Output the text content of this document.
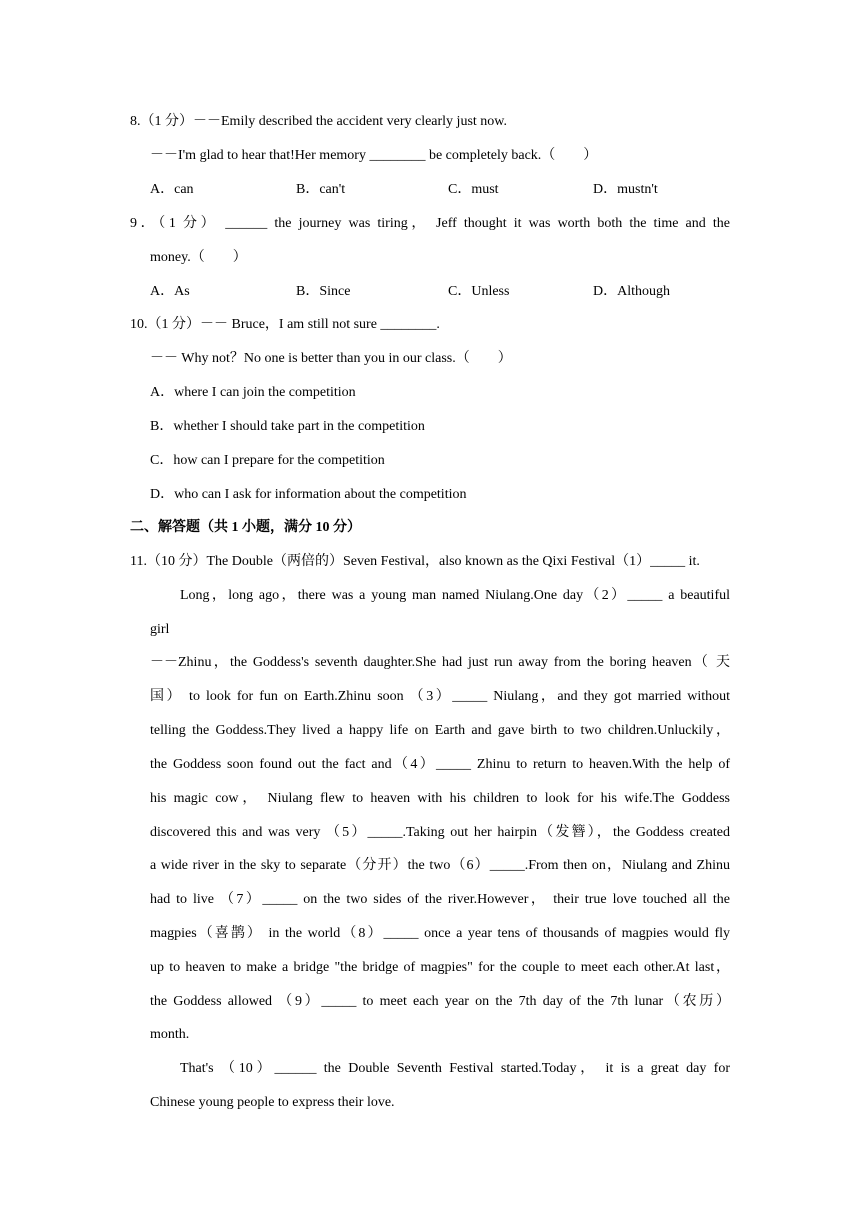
8.（1 分）－－Emily described the accident very clearly just now.
－－I'm glad to hear that!Her memory ________ be completely back.（　　）
A．can	B．can't	C．must	D．mustn't
9．（1 分） ______ the journey was tiring， Jeff thought it was worth both the time and the
money.（　　）
A．As	B．Since	C．Unless	D．Although
10.（1 分）－－ Bruce，I am still not sure ________.
－－ Why not？No one is better than you in our class.（　　）
A．where I can join the competition
B．whether I should take part in the competition
C．how can I prepare for the competition
D．who can I ask for information about the competition
二、解答题（共 1 小题，满分 10 分）
11.（10 分）The Double（两倍的）Seven Festival，also known as the Qixi Festival（1）_____ it.
Long，long ago，there was a young man named Niulang.One day（2）_____ a beautiful
girl
－－Zhinu，the Goddess's seventh daughter.She had just run away from the boring heaven（ 天
国） to look for fun on Earth.Zhinu soon （3）_____ Niulang，and they got married without
telling the Goddess.They lived a happy life on Earth and gave birth to two children.Unluckily，
the Goddess soon found out the fact and（4）_____ Zhinu to return to heaven.With the help of
his magic cow， Niulang flew to heaven with his children to look for his wife.The Goddess
discovered this and was very （5）_____.Taking out her hairpin（发簪），the Goddess created
a wide river in the sky to separate（分开）the two（6）_____.From then on，Niulang and Zhinu
had to live （7）_____ on the two sides of the river.However， their true love touched all the
magpies（喜鹊） in the world（8）_____ once a year tens of thousands of magpies would fly
up to heaven to make a bridge "the bridge of magpies" for the couple to meet each other.At last，
the Goddess allowed （9）_____ to meet each year on the 7th day of the 7th lunar（农历）
month.
That's （10）______ the Double Seventh Festival started.Today， it is a great day for
Chinese young people to express their love.
